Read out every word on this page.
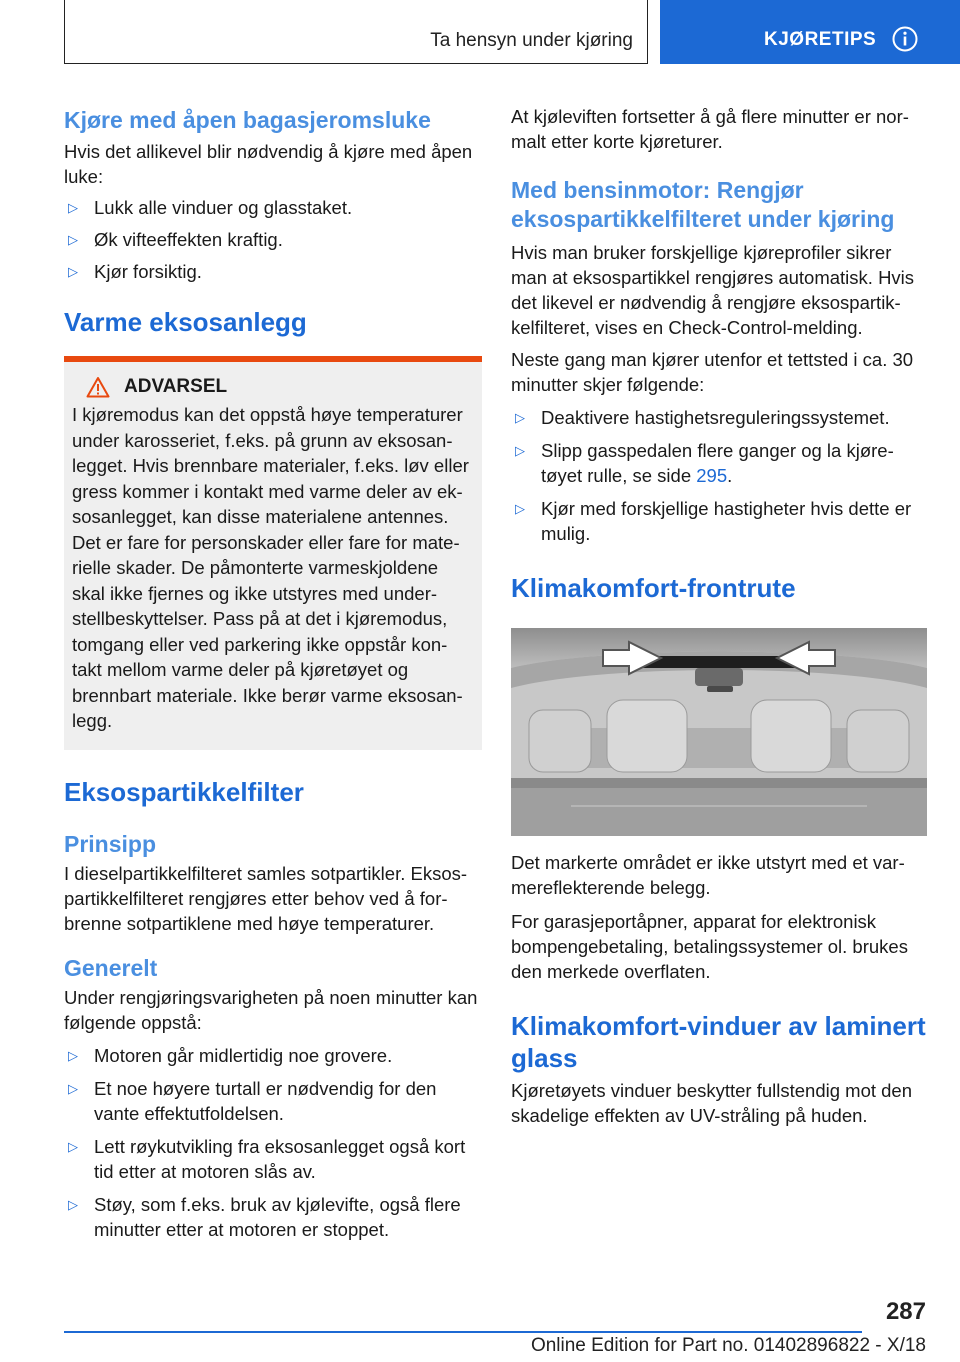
Ta hensyn under kjøring	KJØRETIPS
Kjøre med åpen bagasjeromsluke

Hvis det allikevel blir nødvendig å kjøre med åpen luke:

▷ Lukk alle vinduer og glasstaket.
▷ Øk vifteeffekten kraftig.
▷ Kjør forsiktig.
Varme eksosanlegg
ADVARSEL

I kjøremodus kan det oppstå høye temperaturer under karosseriet, f.eks. på grunn av eksosan- legget. Hvis brennbare materialer, f.eks. løv eller gress kommer i kontakt med varme deler av ek- sosanlegget, kan disse materialene antennes. Det er fare for personskader eller fare for mate- rielle skader. De påmonterte varmeskjoldene skal ikke fjernes og ikke utstyres med under- stellbeskyttelser. Pass på at det i kjøremodus, tomgang eller ved parkering ikke oppstår kon- takt mellom varme deler på kjøretøyet og brennbart materiale. Ikke berør varme eksosan- legg.

Eksospartikkelfilter
Prinsipp

I dieselpartikkelfilteret samles sotpartikler. Eksos- partikkelfilteret rengjøres etter behov ved å for- brenne sotpartiklene med høye temperaturer.

Generelt

Under rengjøringsvarigheten på noen minutter kan følgende oppstå:

▷ Motoren går midlertidig noe grovere.
▷ Et noe høyere turtall er nødvendig for den vante effektutfoldelsen.
▷ Lett røykutvikling fra eksosanlegget også kort tid etter at motoren slås av.
▷ Støy, som f.eks. bruk av kjølevifte, også flere minutter etter at motoren er stoppet.

At kjøleviften fortsetter å gå flere minutter er nor- malt etter korte kjøreturer.

Med bensinmotor: Rengjør eksospartikkelfilteret under kjøring

Hvis man bruker forskjellige kjøreprofiler sikrer man at eksospartikkel rengjøres automatisk. Hvis det likevel er nødvendig å rengjøre eksospartik- kelfilteret, vises en Check-Control-melding.

Neste gang man kjører utenfor et tettsted i ca. 30 minutter skjer følgende:

▷ Deaktivere hastighetsreguleringssystemet.
▷ Slipp gasspedalen flere ganger og la kjøre- tøyet rulle, se side 295.
▷ Kjør med forskjellige hastigheter hvis dette er mulig.
Klimakomfort-frontrute

Det markerte området er ikke utstyrt med et var- mereflekterende belegg.

For garasjeportåpner, apparat for elektronisk bompengebetaling, betalingssystemer ol. brukes den merkede overflaten.

Klimakomfort-vinduer av laminert glass

Kjøretøyets vinduer beskytter fullstendig mot den skadelige effekten av UV-stråling på huden.

287
Online Edition for Part no. 01402896822 - X/18
